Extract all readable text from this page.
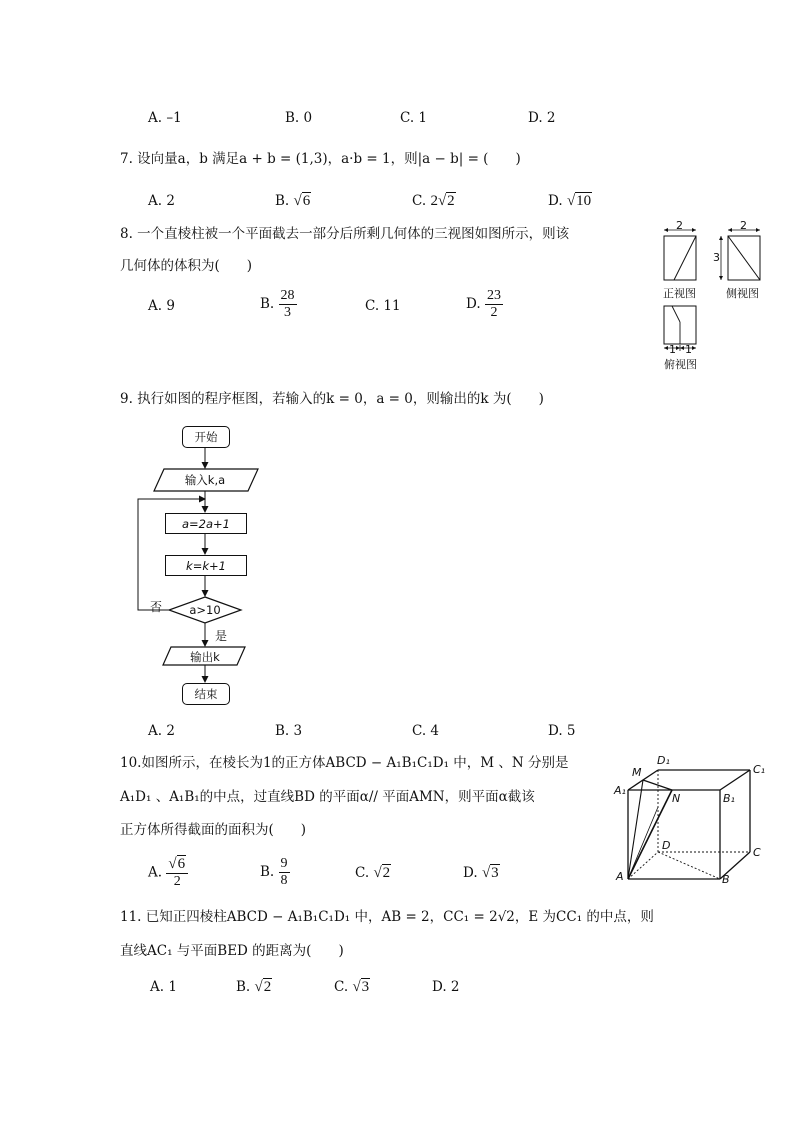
A. –1	B. 0	C. 1	D. 2
7. 设向量a，b 满足a + b = (1,3)，a·b = 1，则|a − b| = (　　)
A. 2	B. √6	C. 2√2	D. √10
8. 一个直棱柱被一个平面截去一部分后所剩几何体的三视图如图所示，则该
几何体的体积为(　　)
A. 9	B. $\frac{28}{3}$	C. 11	D. $\frac{23}{2}$
2	2
3
正视图	侧视图
1 1
俯视图
9. 执行如图的程序框图，若输入的k = 0，a = 0，则输出的k 为(　　)
开始
输入k,a
a=2a+1
k=k+1
a>10
否
是
输出k
结束
A. 2	B. 3	C. 4	D. 5
10.如图所示，在棱长为1的正方体ABCD − A₁B₁C₁D₁ 中，M 、N 分别是
A₁D₁ 、A₁B₁的中点，过直线BD 的平面α// 平面AMN，则平面α截该
正方体所得截面的面积为(　　)
A. $\frac{√6}{2}$	B. $\frac{9}{8}$	C. √2	D. √3
D₁
C₁
M
A₁
N	B₁
D
C
A	B
11. 已知正四棱柱ABCD − A₁B₁C₁D₁ 中，AB = 2，CC₁ = 2√2，E 为CC₁ 的中点，则
直线AC₁ 与平面BED 的距离为(　　)
A. 1	B. √2	C. √3	D. 2
